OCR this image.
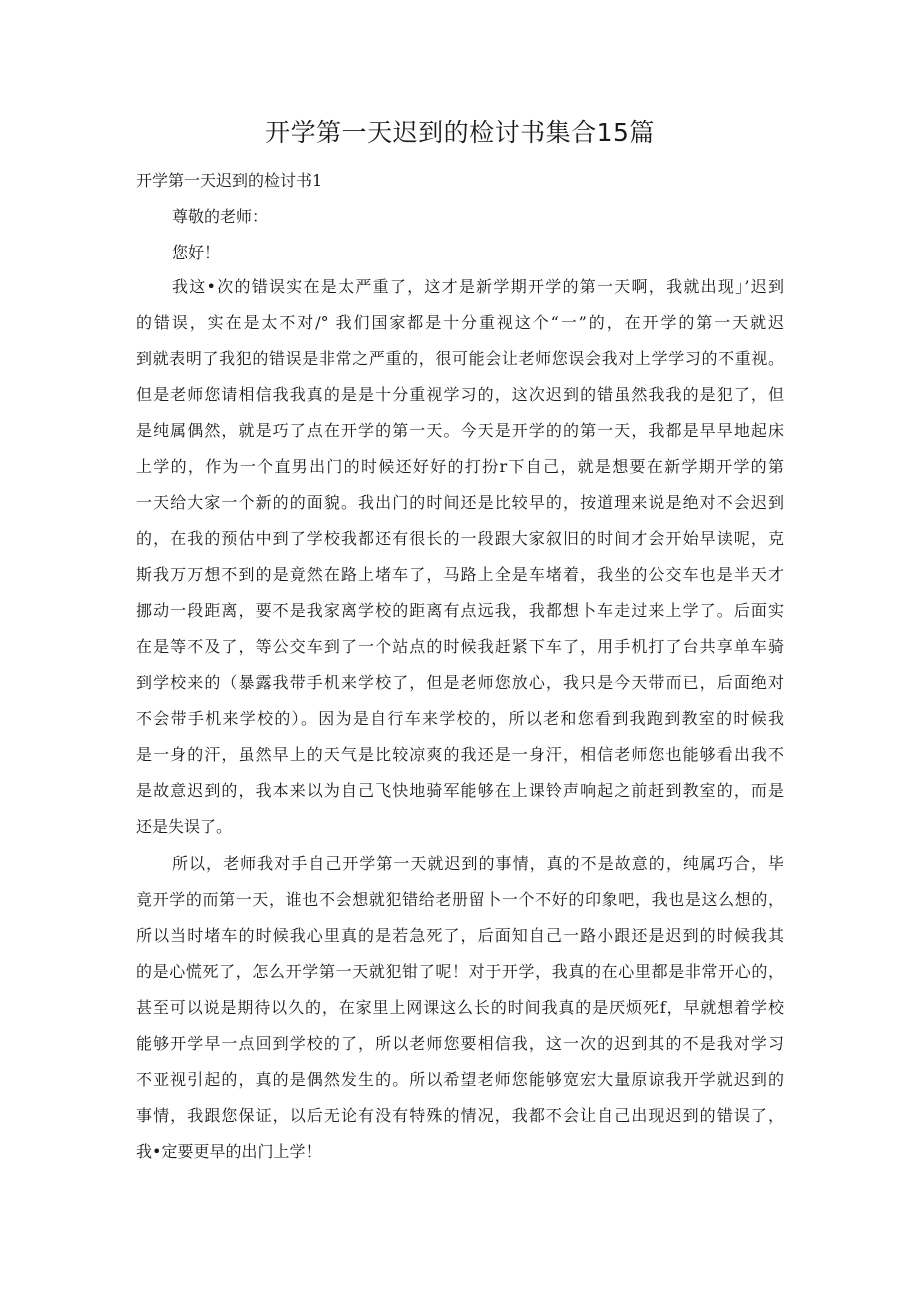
开学第一天迟到的检讨书集合15篇

开学第一天迟到的检讨书1

尊敬的老师：

您好！

我这•次的错误实在是太严重了，这才是新学期开学的第一天啊，我就出现」’迟到
的错误，实在是太不对/° 我们国家都是十分重视这个“一”的，在开学的第一天就迟
到就表明了我犯的错误是非常之严重的，很可能会让老师您误会我对上学学习的不重视。
但是老师您请相信我我真的是是十分重视学习的，这次迟到的错虽然我我的是犯了，但
是纯属偶然，就是巧了点在开学的第一天。今天是开学的的第一天，我都是早早地起床
上学的，作为一个直男出门的时候还好好的打扮r下自己，就是想要在新学期开学的第
一天给大家一个新的的面貌。我出门的时间还是比较早的，按道理来说是绝对不会迟到
的，在我的预估中到了学校我都还有很长的一段跟大家叙旧的时间才会开始早读呢，克
斯我万万想不到的是竟然在路上堵车了，马路上全是车堵着，我坐的公交车也是半天才
挪动一段距离，要不是我家离学校的距离有点远我，我都想卜车走过来上学了。后面实
在是等不及了，等公交车到了一个站点的时候我赶紧下车了，用手机打了台共享单车骑
到学校来的（暴露我带手机来学校了，但是老师您放心，我只是今天带而已，后面绝对
不会带手机来学校的）。因为是自行车来学校的，所以老和您看到我跑到教室的时候我
是一身的汗，虽然早上的天气是比较凉爽的我还是一身汗，相信老师您也能够看出我不
是故意迟到的，我本来以为自己飞快地骑军能够在上课铃声响起之前赶到教室的，而是
还是失误了。
所以，老师我对手自己开学第一天就迟到的事情，真的不是故意的，纯属巧合，毕
竟开学的而第一天，谁也不会想就犯错给老册留卜一个不好的印象吧，我也是这么想的，
所以当时堵车的时候我心里真的是若急死了，后面知自己一路小跟还是迟到的时候我其
的是心慌死了，怎么开学第一天就犯钳了呢！对于开学，我真的在心里都是非常开心的，
甚至可以说是期待以久的，在家里上网课这么长的时间我真的是厌烦死f，早就想着学校
能够开学早一点回到学校的了，所以老师您要相信我，这一次的迟到其的不是我对学习
不亚视引起的，真的是偶然发生的。所以希望老师您能够宽宏大量原谅我开学就迟到的
事情，我跟您保证，以后无论有没有特殊的情况，我都不会让自己出现迟到的错误了，
我•定要更早的出门上学！
